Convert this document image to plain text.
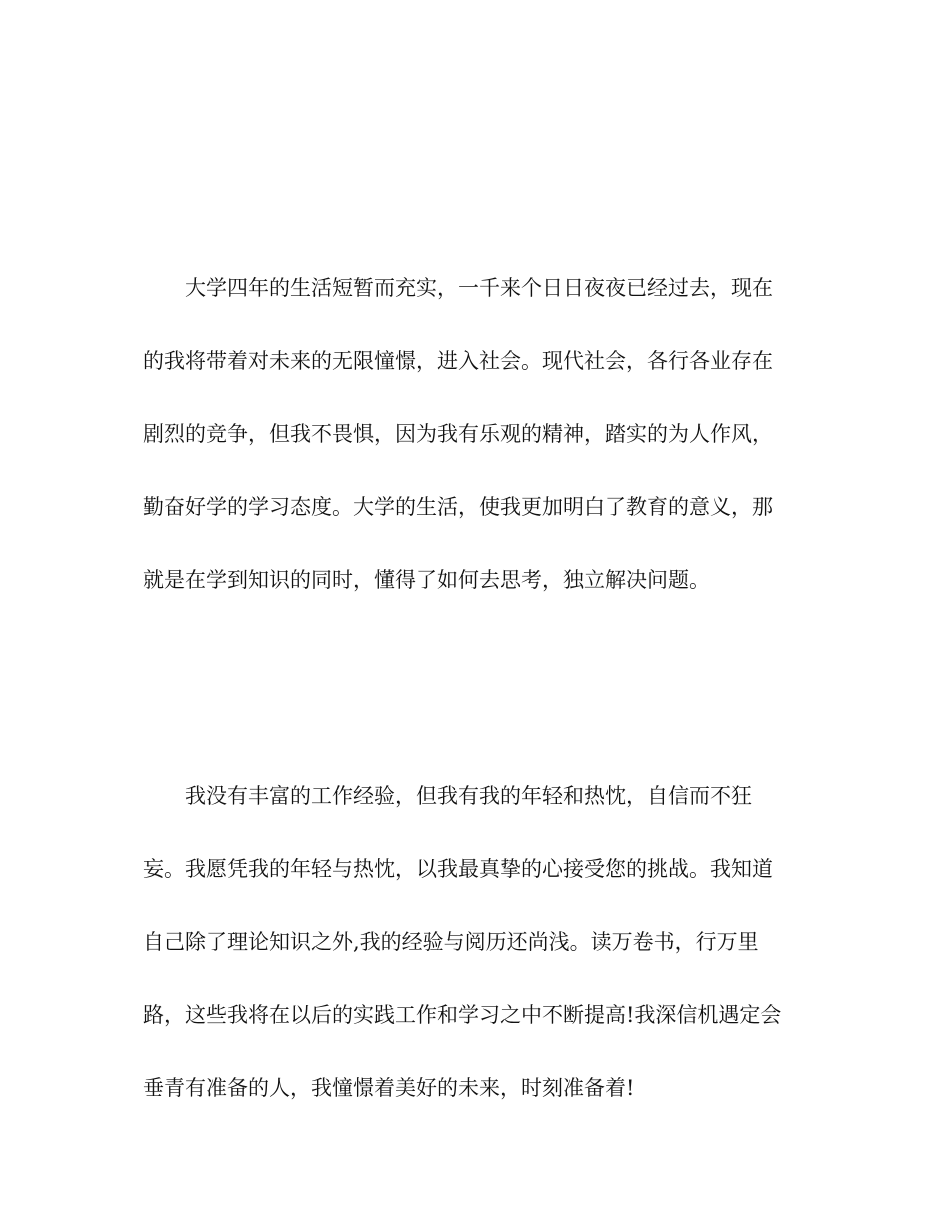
大学四年的生活短暂而充实，一千来个日日夜夜已经过去，现在
的我将带着对未来的无限憧憬，进入社会。现代社会，各行各业存在
剧烈的竞争，但我不畏惧，因为我有乐观的精神，踏实的为人作风，
勤奋好学的学习态度。大学的生活，使我更加明白了教育的意义，那
就是在学到知识的同时，懂得了如何去思考，独立解决问题。
我没有丰富的工作经验，但我有我的年轻和热忱，自信而不狂
妄。我愿凭我的年轻与热忱，以我最真挚的心接受您的挑战。我知道
自己除了理论知识之外,我的经验与阅历还尚浅。读万卷书，行万里
路，这些我将在以后的实践工作和学习之中不断提高!我深信机遇定会
垂青有准备的人，我憧憬着美好的未来，时刻准备着!
